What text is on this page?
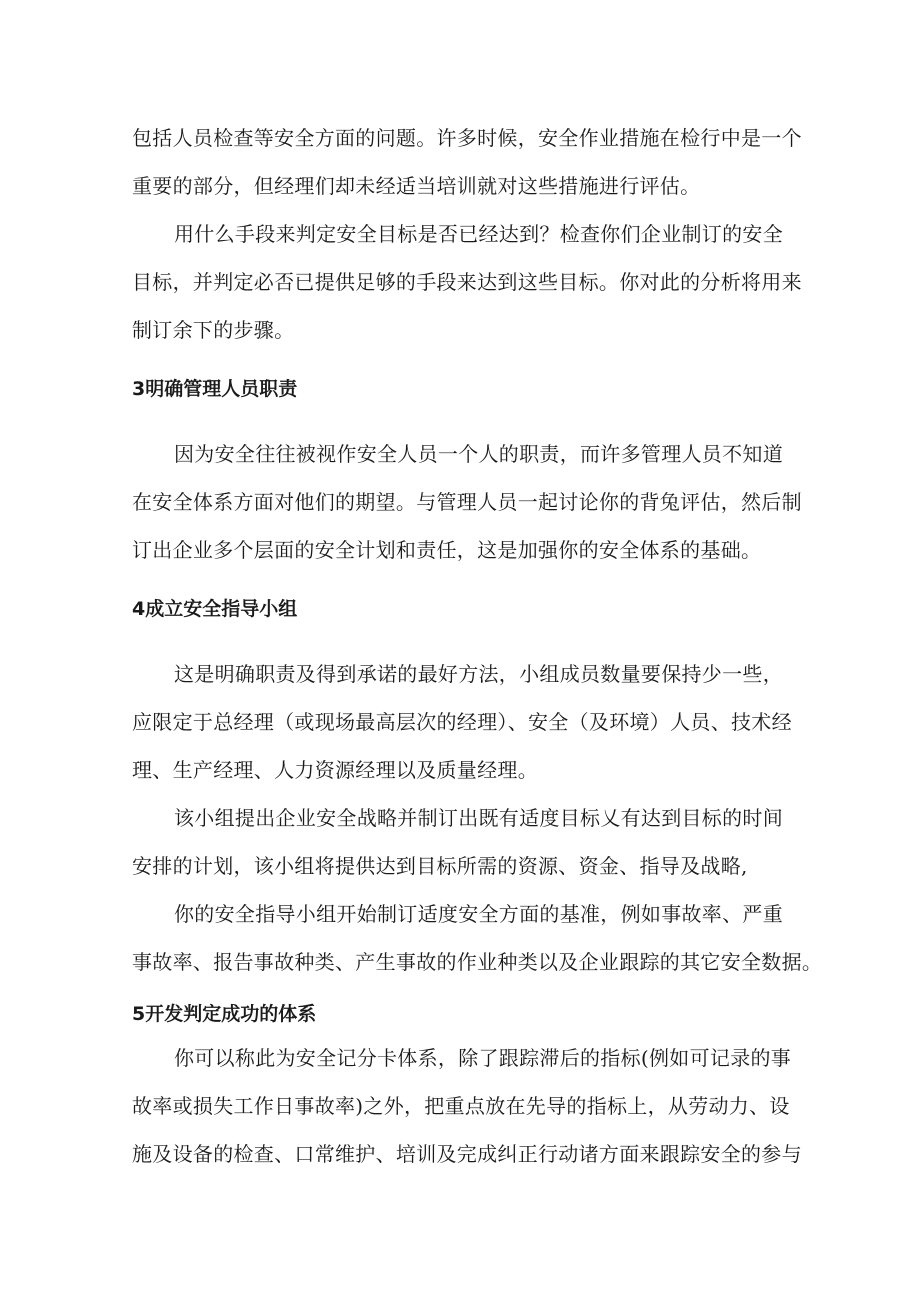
包括人员检查等安全方面的问题。许多时候，安全作业措施在检行中是一个
重要的部分，但经理们却未经适当培训就对这些措施进行评估。
用什么手段来判定安全目标是否已经达到？检查你们企业制订的安全
目标，并判定必否已提供足够的手段来达到这些目标。你对此的分析将用来
制订余下的步骤。
3明确管理人员职责
因为安全往往被视作安全人员一个人的职责，而许多管理人员不知道
在安全体系方面对他们的期望。与管理人员一起讨论你的背兔评估，然后制
订出企业多个层面的安全计划和责任，这是加强你的安全体系的基础。
4成立安全指导小组
这是明确职责及得到承诺的最好方法，小组成员数量要保持少一些，
应限定于总经理（或现场最高层次的经理）、安全（及环境）人员、技术经
理、生产经理、人力资源经理以及质量经理。
该小组提出企业安全战略并制订出既有适度目标乂有达到目标的时间
安排的计划，该小组将提供达到目标所需的资源、资金、指导及战略,
你的安全指导小组开始制订适度安全方面的基准，例如事故率、严重
事故率、报告事故种类、产生事故的作业种类以及企业跟踪的其它安全数据。
5开发判定成功的体系
你可以称此为安全记分卡体系，除了跟踪滞后的指标(例如可记录的事
故率或损失工作日事故率)之外，把重点放在先导的指标上，从劳动力、设
施及设备的检查、口常维护、培训及完成纠正行动诸方面来跟踪安全的参与
